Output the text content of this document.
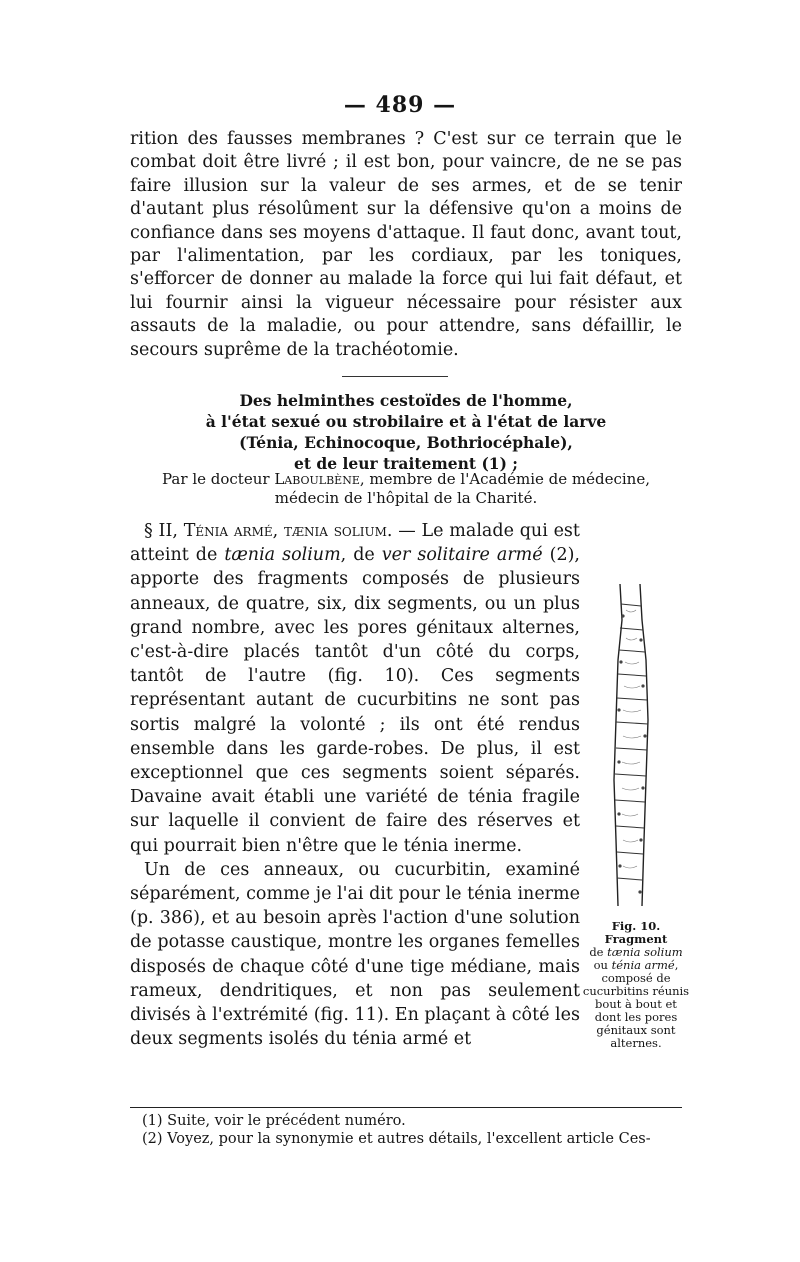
— 489 —

rition des fausses membranes ? C'est sur ce terrain que le combat doit être livré ; il est bon, pour vaincre, de ne se pas faire illusion sur la valeur de ses armes, et de se tenir d'autant plus résolûment sur la défensive qu'on a moins de confiance dans ses moyens d'attaque. Il faut donc, avant tout, par l'alimentation, par les cordiaux, par les toniques, s'efforcer de donner au malade la force qui lui fait défaut, et lui fournir ainsi la vigueur nécessaire pour résister aux assauts de la maladie, ou pour attendre, sans défaillir, le secours suprême de la trachéotomie.

Des helminthes cestoïdes de l'homme,
à l'état sexué ou strobilaire et à l'état de larve
(Ténia, Echinocoque, Bothriocéphale),
et de leur traitement (1) ;
Par le docteur Laboulbène, membre de l'Académie de médecine,
médecin de l'hôpital de la Charité.

§ II, Ténia armé, tænia solium. — Le malade qui est atteint de tænia solium, de ver solitaire armé (2), apporte des fragments composés de plusieurs anneaux, de quatre, six, dix segments, ou un plus grand nombre, avec les pores génitaux alternes, c'est-à-dire placés tantôt d'un côté du corps, tantôt de l'autre (fig. 10). Ces segments représentant autant de cucurbitins ne sont pas sortis malgré la volonté ; ils ont été rendus ensemble dans les garde-robes. De plus, il est exceptionnel que ces segments soient séparés. Davaine avait établi une variété de ténia fragile sur laquelle il convient de faire des réserves et qui pourrait bien n'être que le ténia inerme.

Un de ces anneaux, ou cucurbitin, examiné séparément, comme je l'ai dit pour le ténia inerme (p. 386), et au besoin après l'action d'une solution de potasse caustique, montre les organes femelles disposés de chaque côté d'une tige médiane, mais rameux, dendritiques, et non pas seulement divisés à l'extrémité (fig. 11). En plaçant à côté les deux segments isolés du ténia armé et

Fig. 10. Fragment
de tænia solium ou ténia armé, composé de cucurbitins réunis bout à bout et dont les pores génitaux sont alternes.
(1) Suite, voir le précédent numéro.
(2) Voyez, pour la synonymie et autres détails, l'excellent article Ces-
